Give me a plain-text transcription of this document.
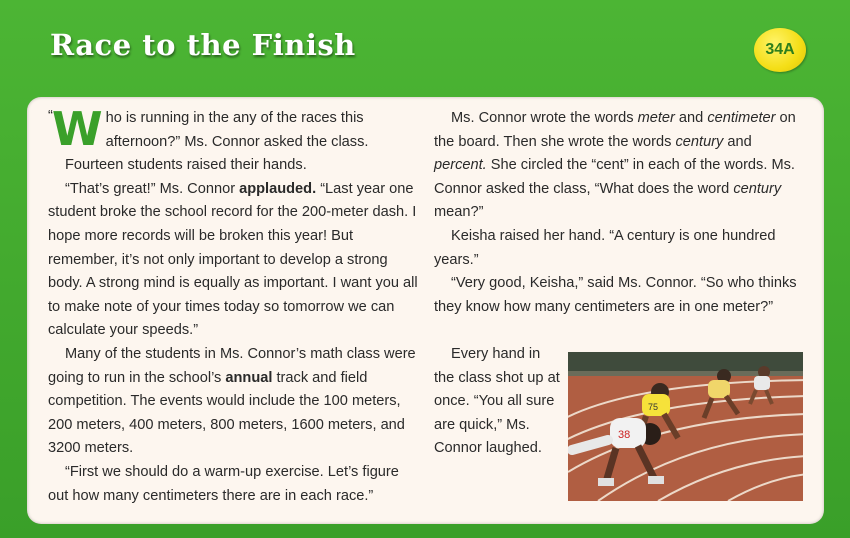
Race to the Finish	34A

“ W ho is running in the any of the races this
afternoon?” Ms. Connor asked the class.

Fourteen students raised their hands.

“That’s great!” Ms. Connor applauded. “Last year one student broke the school record for the 200-meter dash. I hope more records will be broken this year! But remember, it’s not only important to develop a strong body. A strong mind is equally as important. I want you all to make note of your times today so tomorrow we can calculate your speeds.”

Many of the students in Ms. Connor’s math class were going to run in the school’s annual track and field competition. The events would include the 100 meters, 200 meters, 400 meters, 800 meters, 1600 meters, and 3200 meters.

“First we should do a warm-up exercise. Let’s figure out how many centimeters there are in each race.”

Ms. Connor wrote the words meter and centimeter on the board. Then she wrote the words century and percent. She circled the “cent” in each of the words. Ms. Connor asked the class, “What does the word century mean?”

Keisha raised her hand. “A century is one hundred years.”

“Very good, Keisha,” said Ms. Connor. “So who thinks they know how many centimeters are in one meter?”

Every hand in the class shot up at once. “You all sure are quick,” Ms. Connor laughed.

75
38
